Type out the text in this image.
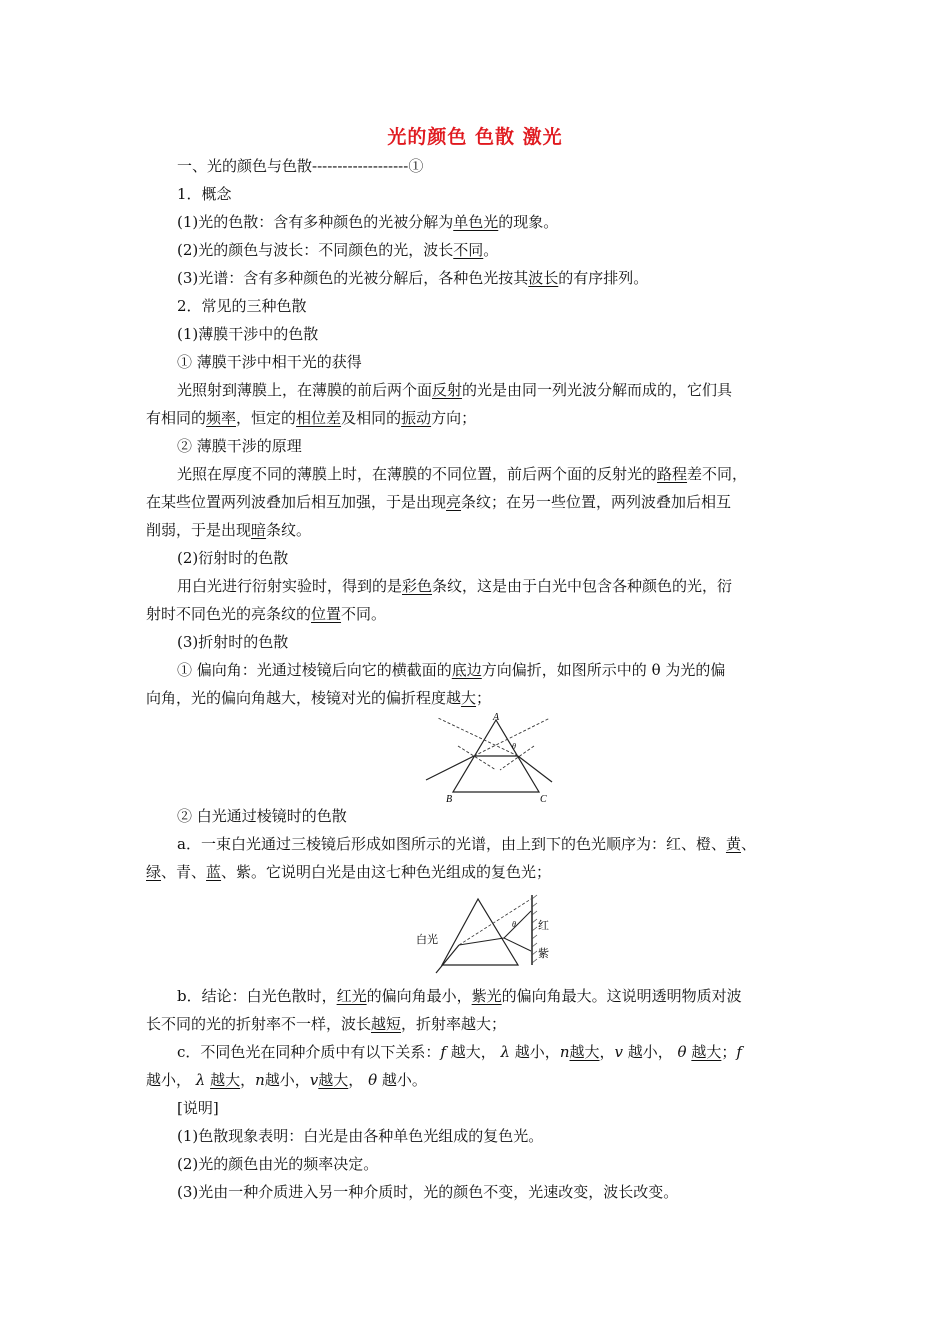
光的颜色 色散 激光
一、光的颜色与色散-------------------①
1．概念
(1)光的色散：含有多种颜色的光被分解为单色光的现象。
(2)光的颜色与波长：不同颜色的光，波长不同。
(3)光谱：含有多种颜色的光被分解后，各种色光按其波长的有序排列。
2．常见的三种色散
(1)薄膜干涉中的色散
① 薄膜干涉中相干光的获得
光照射到薄膜上，在薄膜的前后两个面反射的光是由同一列光波分解而成的，它们具
有相同的频率，恒定的相位差及相同的振动方向；
② 薄膜干涉的原理
光照在厚度不同的薄膜上时，在薄膜的不同位置，前后两个面的反射光的路程差不同，
在某些位置两列波叠加后相互加强，于是出现亮条纹；在另一些位置，两列波叠加后相互
削弱，于是出现暗条纹。
(2)衍射时的色散
用白光进行衍射实验时，得到的是彩色条纹，这是由于白光中包含各种颜色的光，衍
射时不同色光的亮条纹的位置不同。
(3)折射时的色散
① 偏向角：光通过棱镜后向它的横截面的底边方向偏折，如图所示中的 θ 为光的偏
向角，光的偏向角越大，棱镜对光的偏折程度越大；
A
B	C
θ
② 白光通过棱镜时的色散
a．一束白光通过三棱镜后形成如图所示的光谱，由上到下的色光顺序为：红、橙、黄、
绿、青、蓝、紫。它说明白光是由这七种色光组成的复色光；
白光
红
紫
θ
b．结论：白光色散时，红光的偏向角最小，紫光的偏向角最大。这说明透明物质对波
长不同的光的折射率不一样，波长越短，折射率越大；
c．不同色光在同种介质中有以下关系：f 越大， λ 越小，n越大，v 越小， θ 越大；f
越小， λ 越大，n越小，v越大， θ 越小。
[说明]
(1)色散现象表明：白光是由各种单色光组成的复色光。
(2)光的颜色由光的频率决定。
(3)光由一种介质进入另一种介质时，光的颜色不变，光速改变，波长改变。
